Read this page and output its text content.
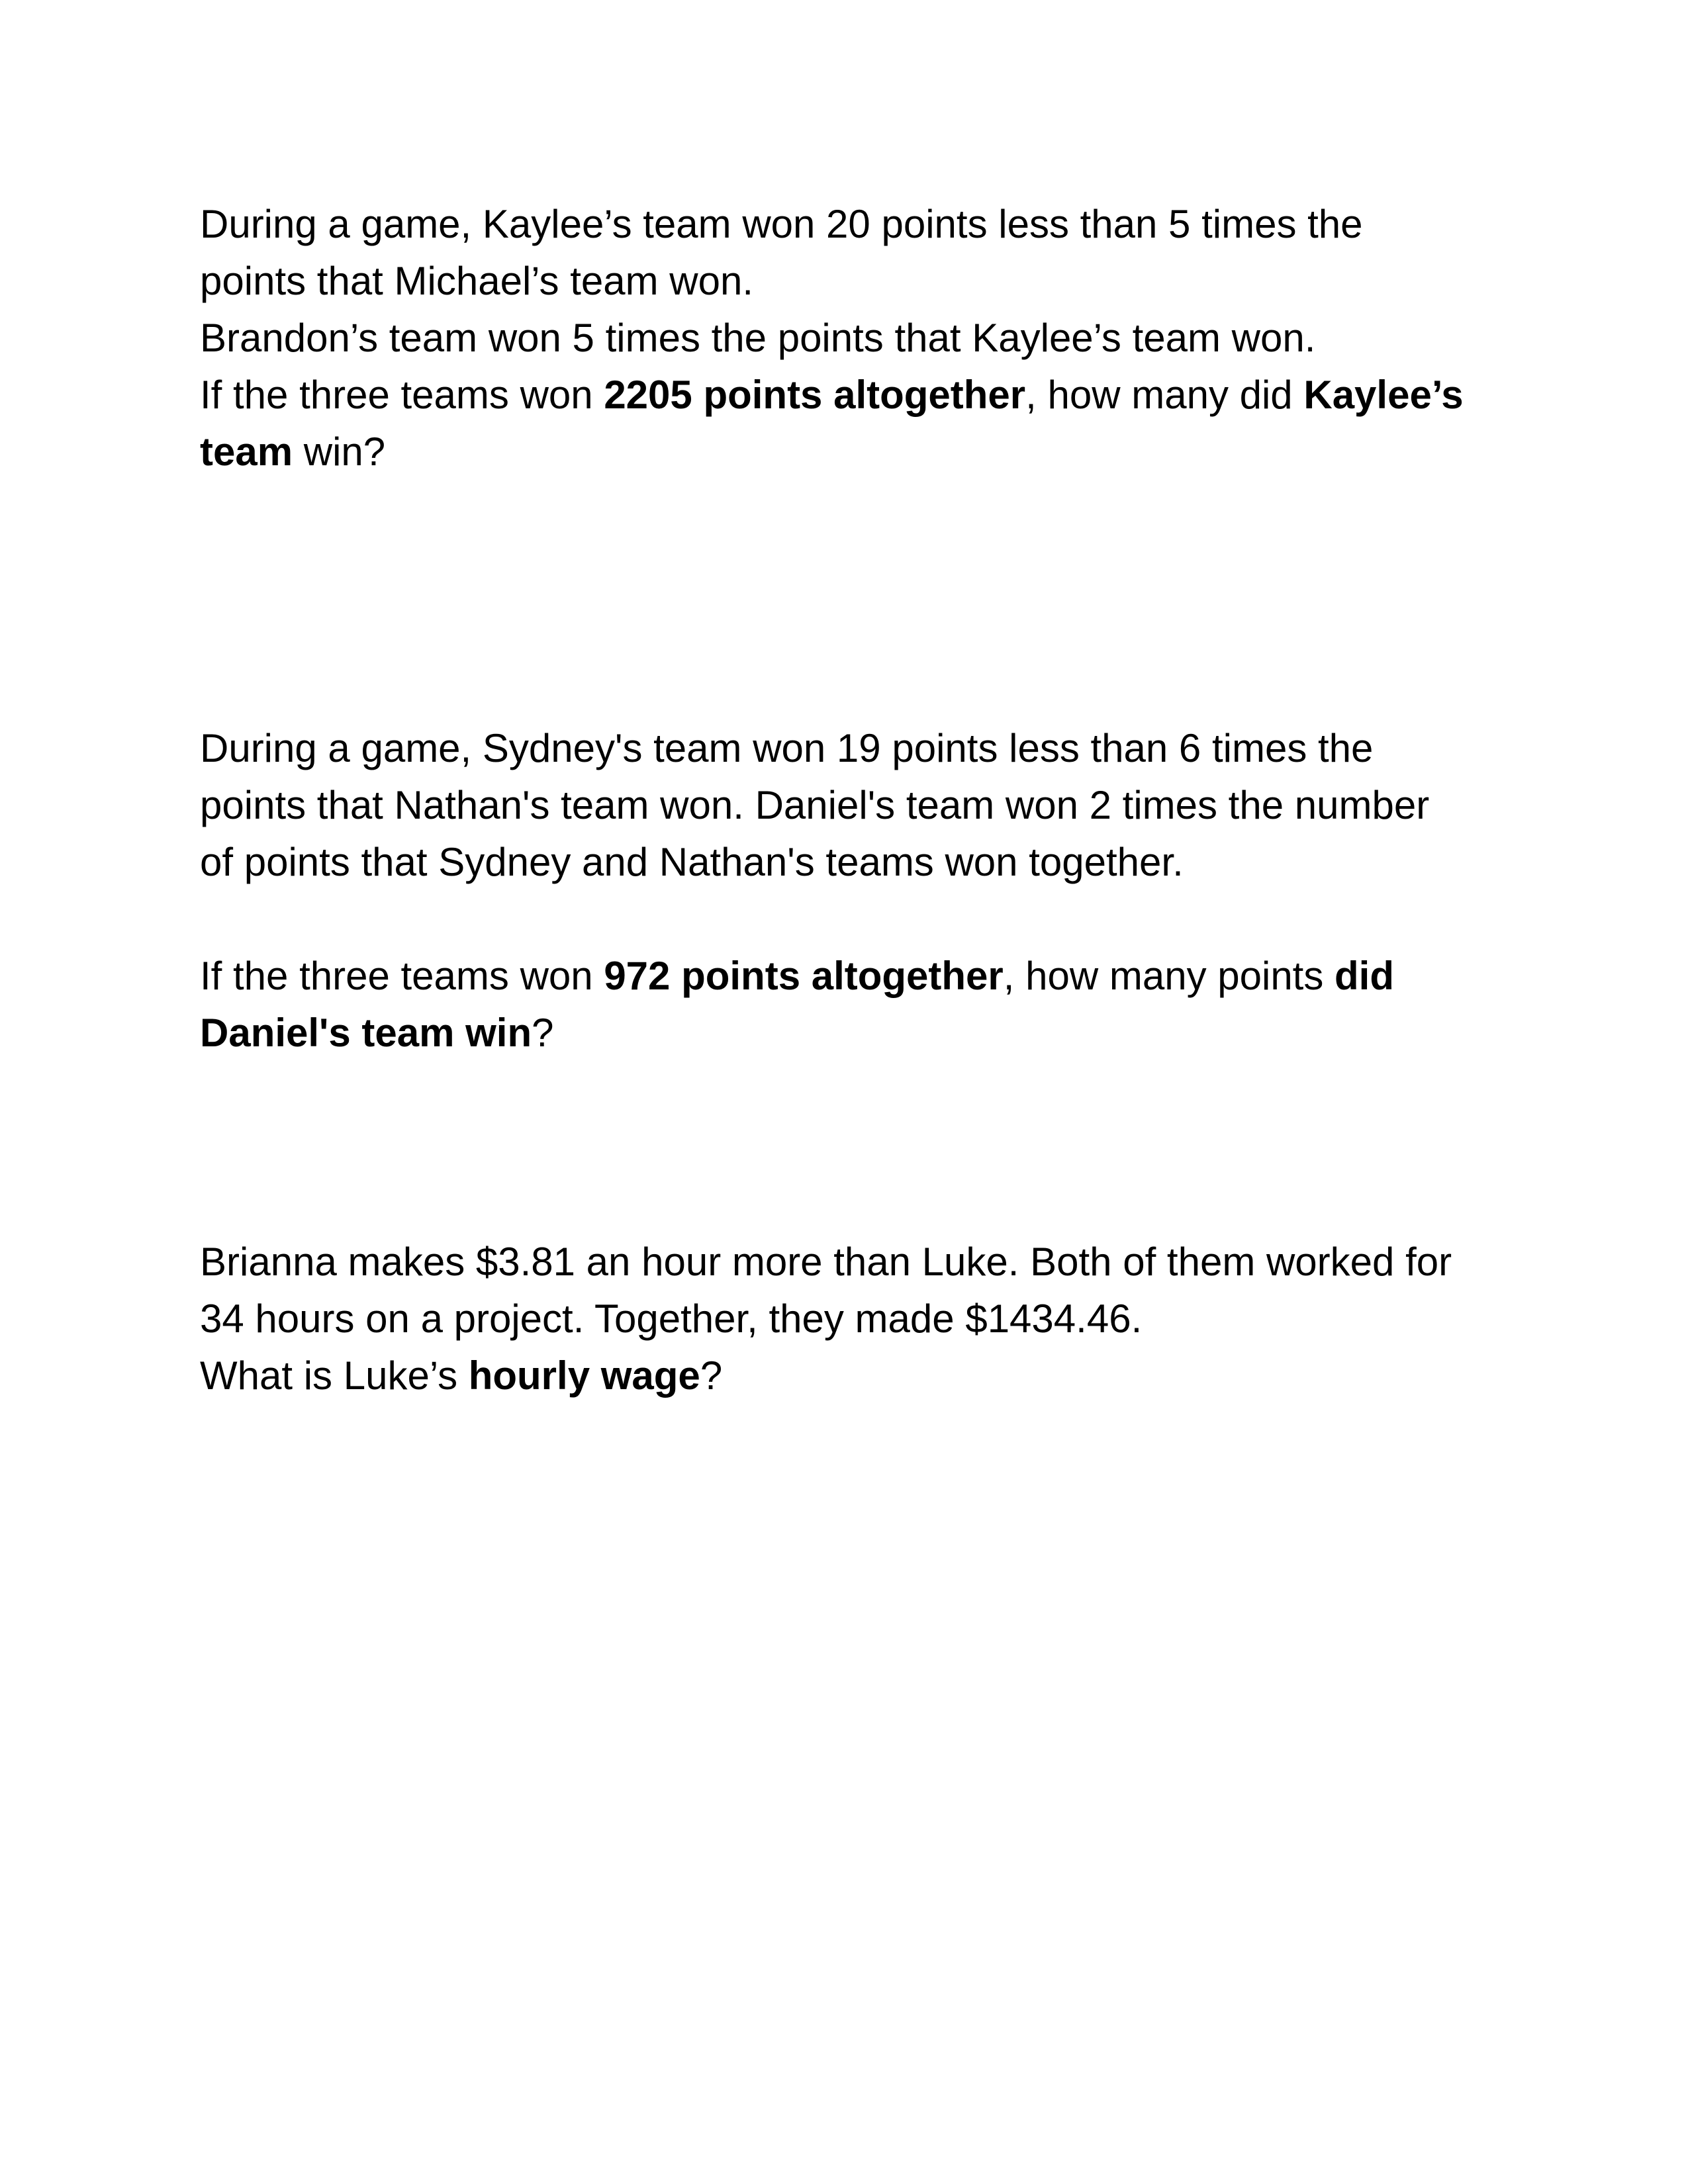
During a game, Kaylee’s team won 20 points less than 5 times the
points that Michael’s team won.
Brandon’s team won 5 times the points that Kaylee’s team won.
If the three teams won 2205 points altogether, how many did Kaylee’s
team win?
During a game, Sydney's team won 19 points less than 6 times the
points that Nathan's team won. Daniel's team won 2 times the number
of points that Sydney and Nathan's teams won together.
If the three teams won 972 points altogether, how many points did
Daniel's team win?
Brianna makes $3.81 an hour more than Luke. Both of them worked for
34 hours on a project. Together, they made $1434.46.
What is Luke’s hourly wage?
